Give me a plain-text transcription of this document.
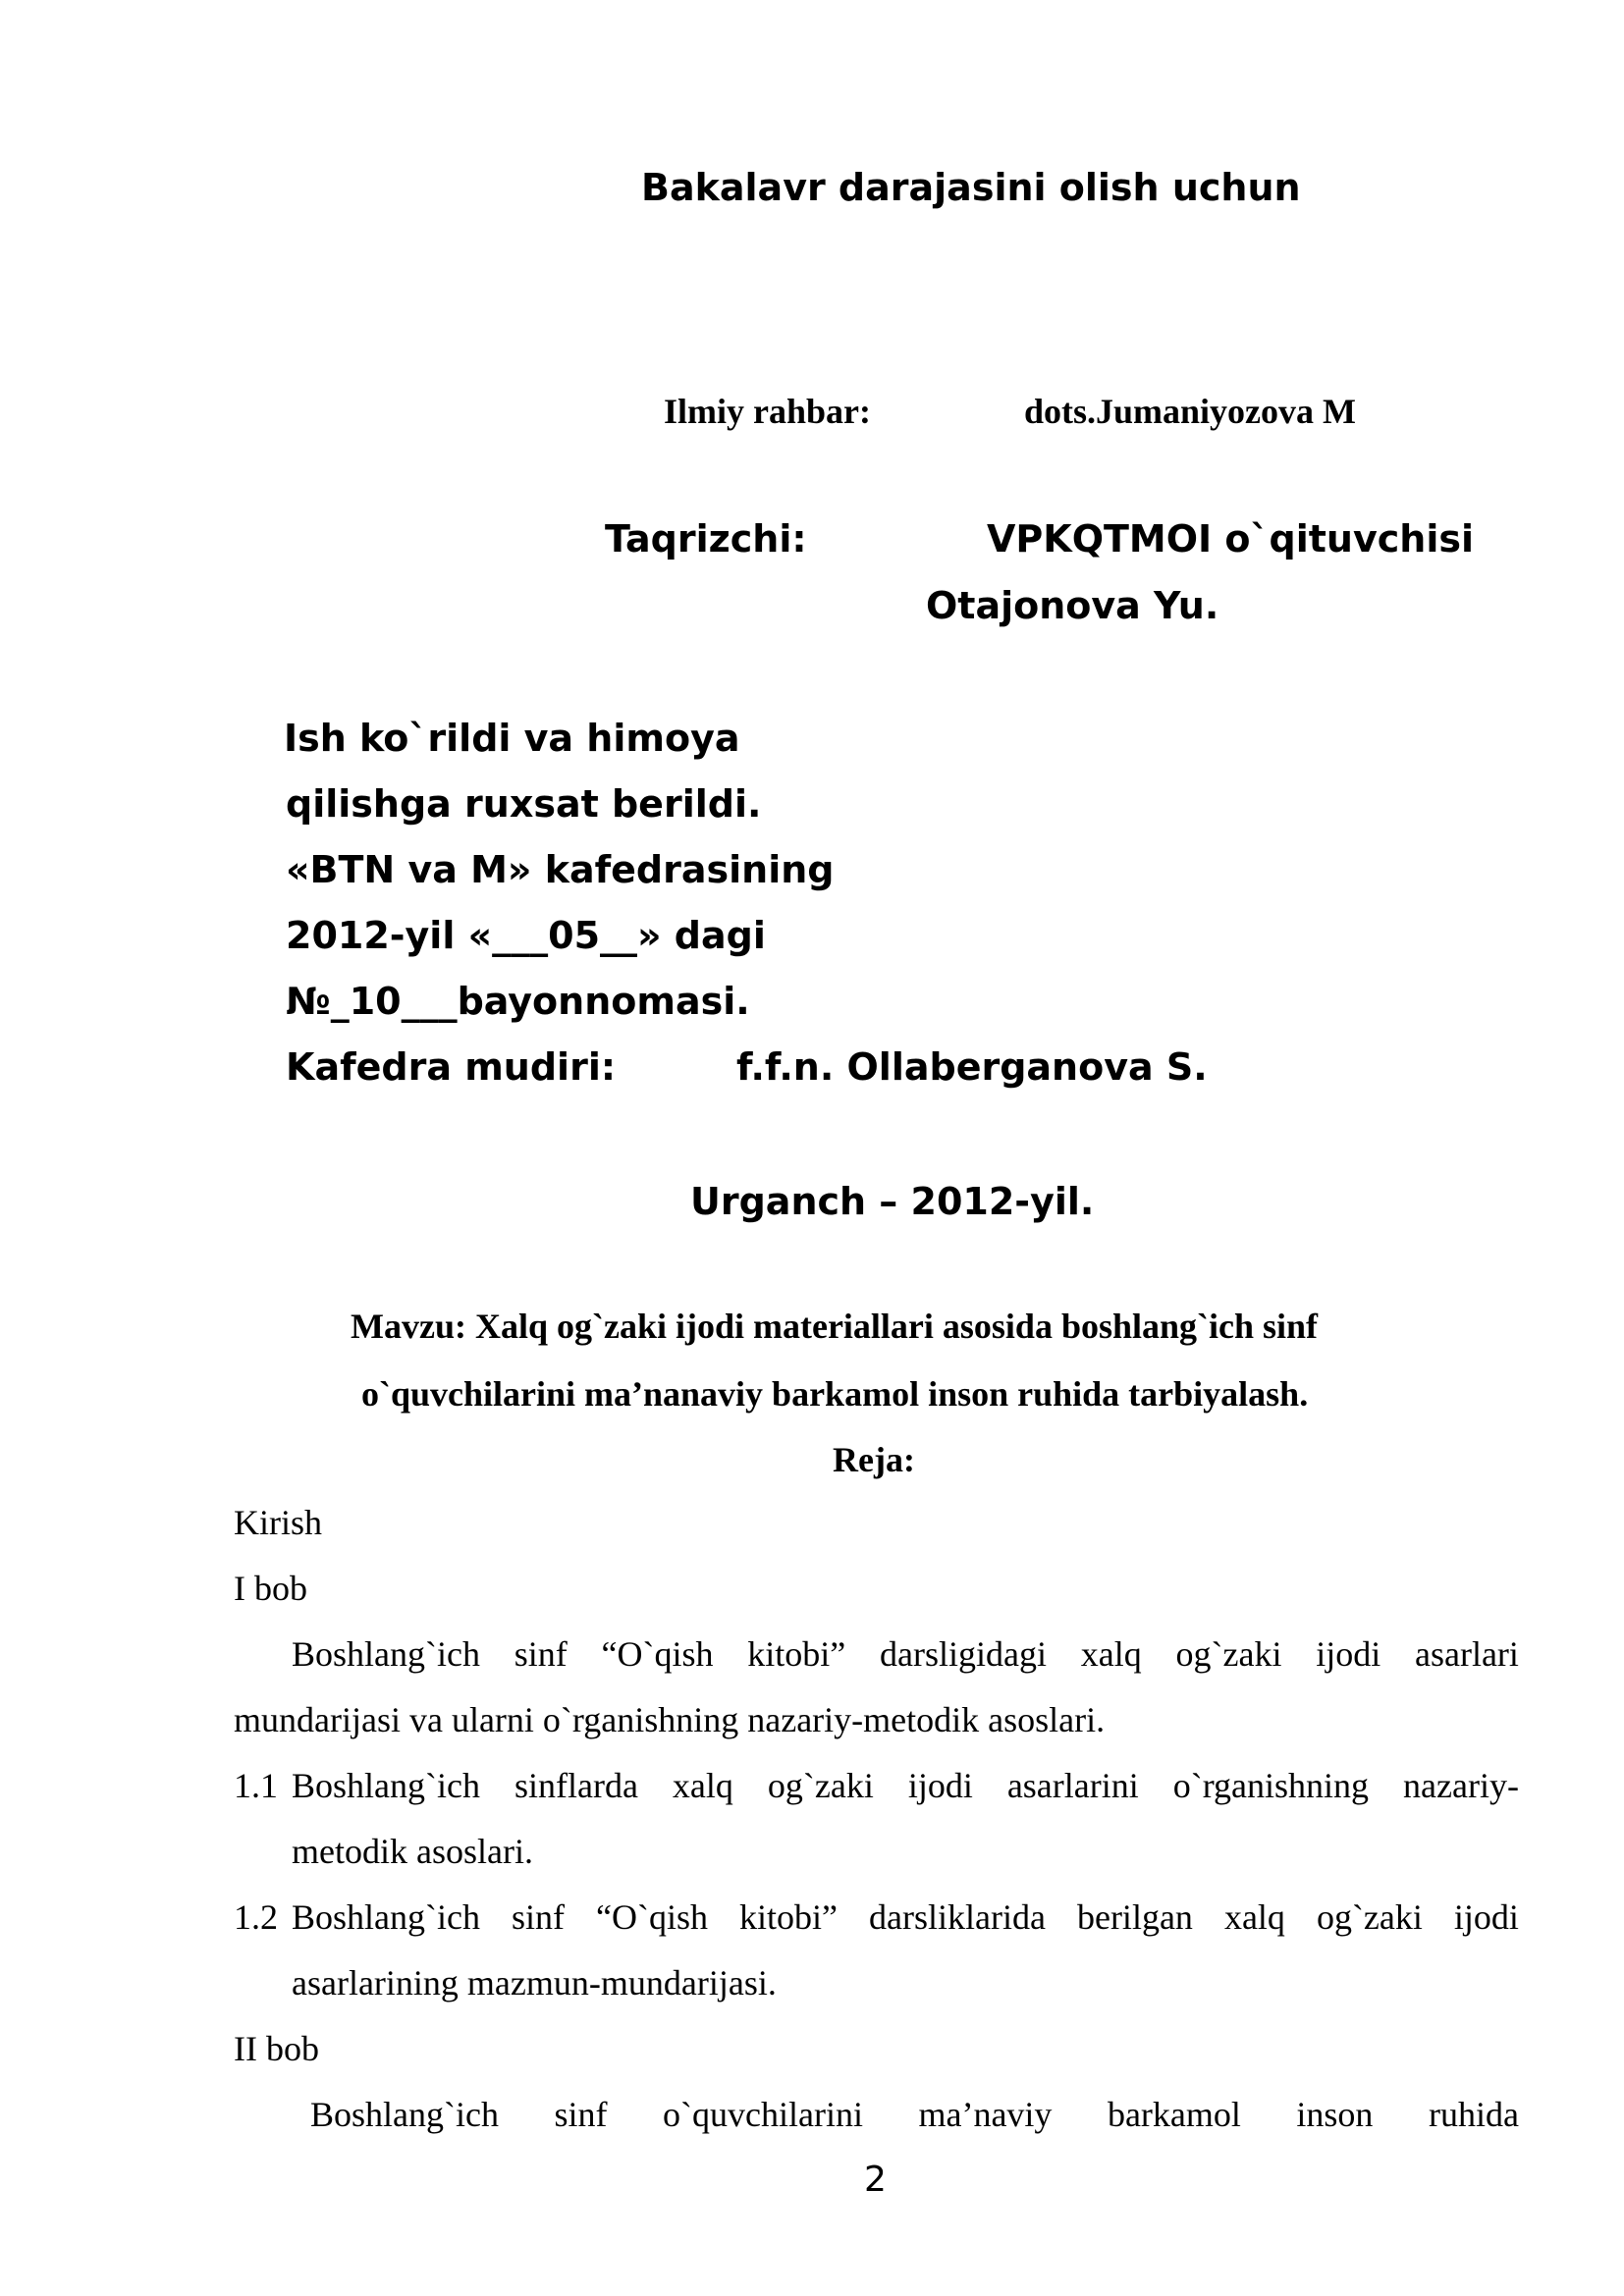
Bakalavr darajasini olish uchun
Ilmiy rahbar:	dots.Jumaniyozova M
Taqrizchi:	VPKQTMOI o`qituvchisi
Otajonova Yu.
Ish ko`rildi va himoya
qilishga ruxsat berildi.
«BTN va M» kafedrasining
2012-yil «___05__» dagi
№_10___bayonnomasi.
Kafedra mudiri:	f.f.n. Ollaberganova S.
Urganch – 2012-yil.
Mavzu: Xalq og`zaki ijodi materiallari asosida boshlang`ich sinf
o`quvchilarini ma’nanaviy barkamol inson ruhida tarbiyalash.
Reja:
Kirish
I bob
Boshlang`ich sinf “O`qish kitobi” darsligidagi xalq og`zaki ijodi asarlari
mundarijasi va ularni o`rganishning nazariy-metodik asoslari.
1.1 Boshlang`ich sinflarda xalq og`zaki ijodi asarlarini o`rganishning nazariy-
metodik asoslari.
1.2 Boshlang`ich sinf “O`qish kitobi” darsliklarida berilgan xalq og`zaki ijodi
asarlarining mazmun-mundarijasi.
II bob
Boshlang`ich sinf o`quvchilarini ma’naviy barkamol inson ruhida
2
